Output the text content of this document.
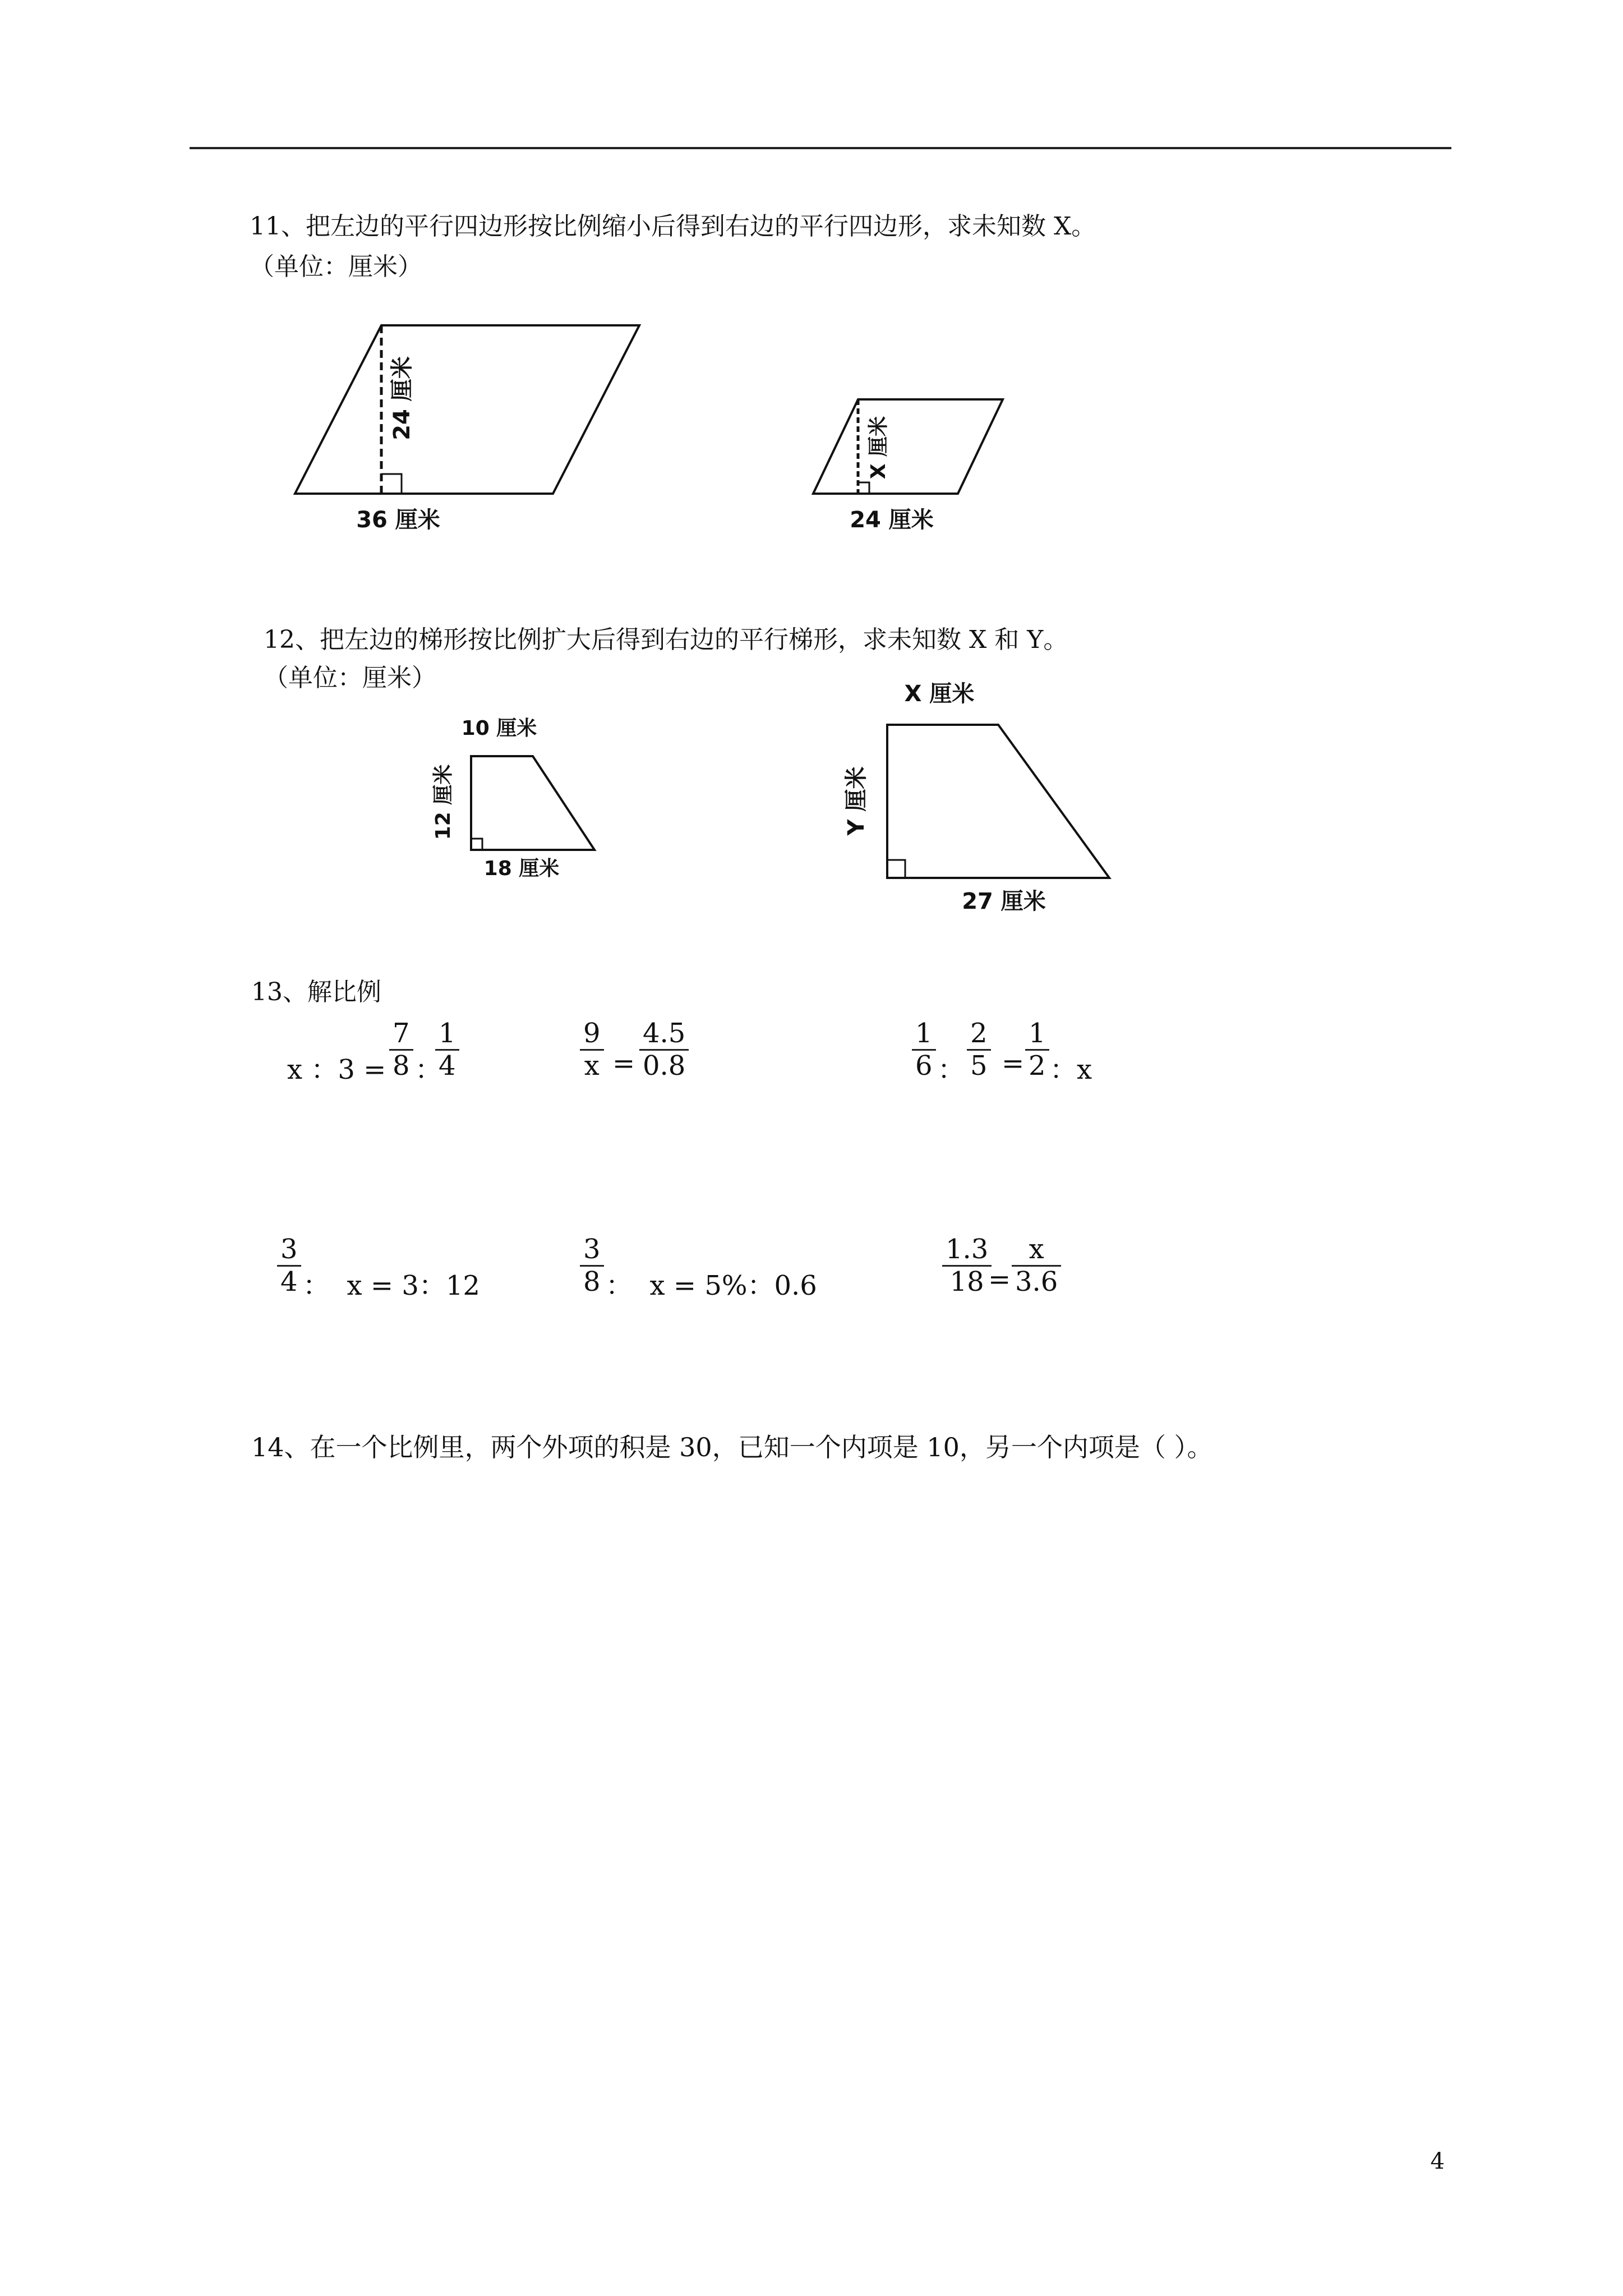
11、把左边的平行四边形按比例缩小后得到右边的平行四边形，求未知数 X。
（单位：厘米）
24 厘米
36 厘米
X 厘米
24 厘米
12、把左边的梯形按比例扩大后得到右边的平行梯形，求未知数 X 和 Y。
（单位：厘米）
10 厘米
12 厘米
18 厘米
X 厘米
Y 厘米
27 厘米
13、解比例
x ：$3 = \frac{7}{8}$ ：
$\frac{1}{4}$	$\frac{9}{x} = \frac{4.5}{0.8}$	$\frac{1}{6}$ ： $\frac{2}{5} = \frac{1}{2}$ ：x
$\frac{3}{4}$ ：  x = 3：12	$\frac{3}{8}$ ：  x = 5%：0.6	$\frac{1.3}{18}$
= $\frac{x}{3.6}$
14、在一个比例里，两个外项的积是 30，已知一个内项是 10，另一个内项是（ ）。
4
